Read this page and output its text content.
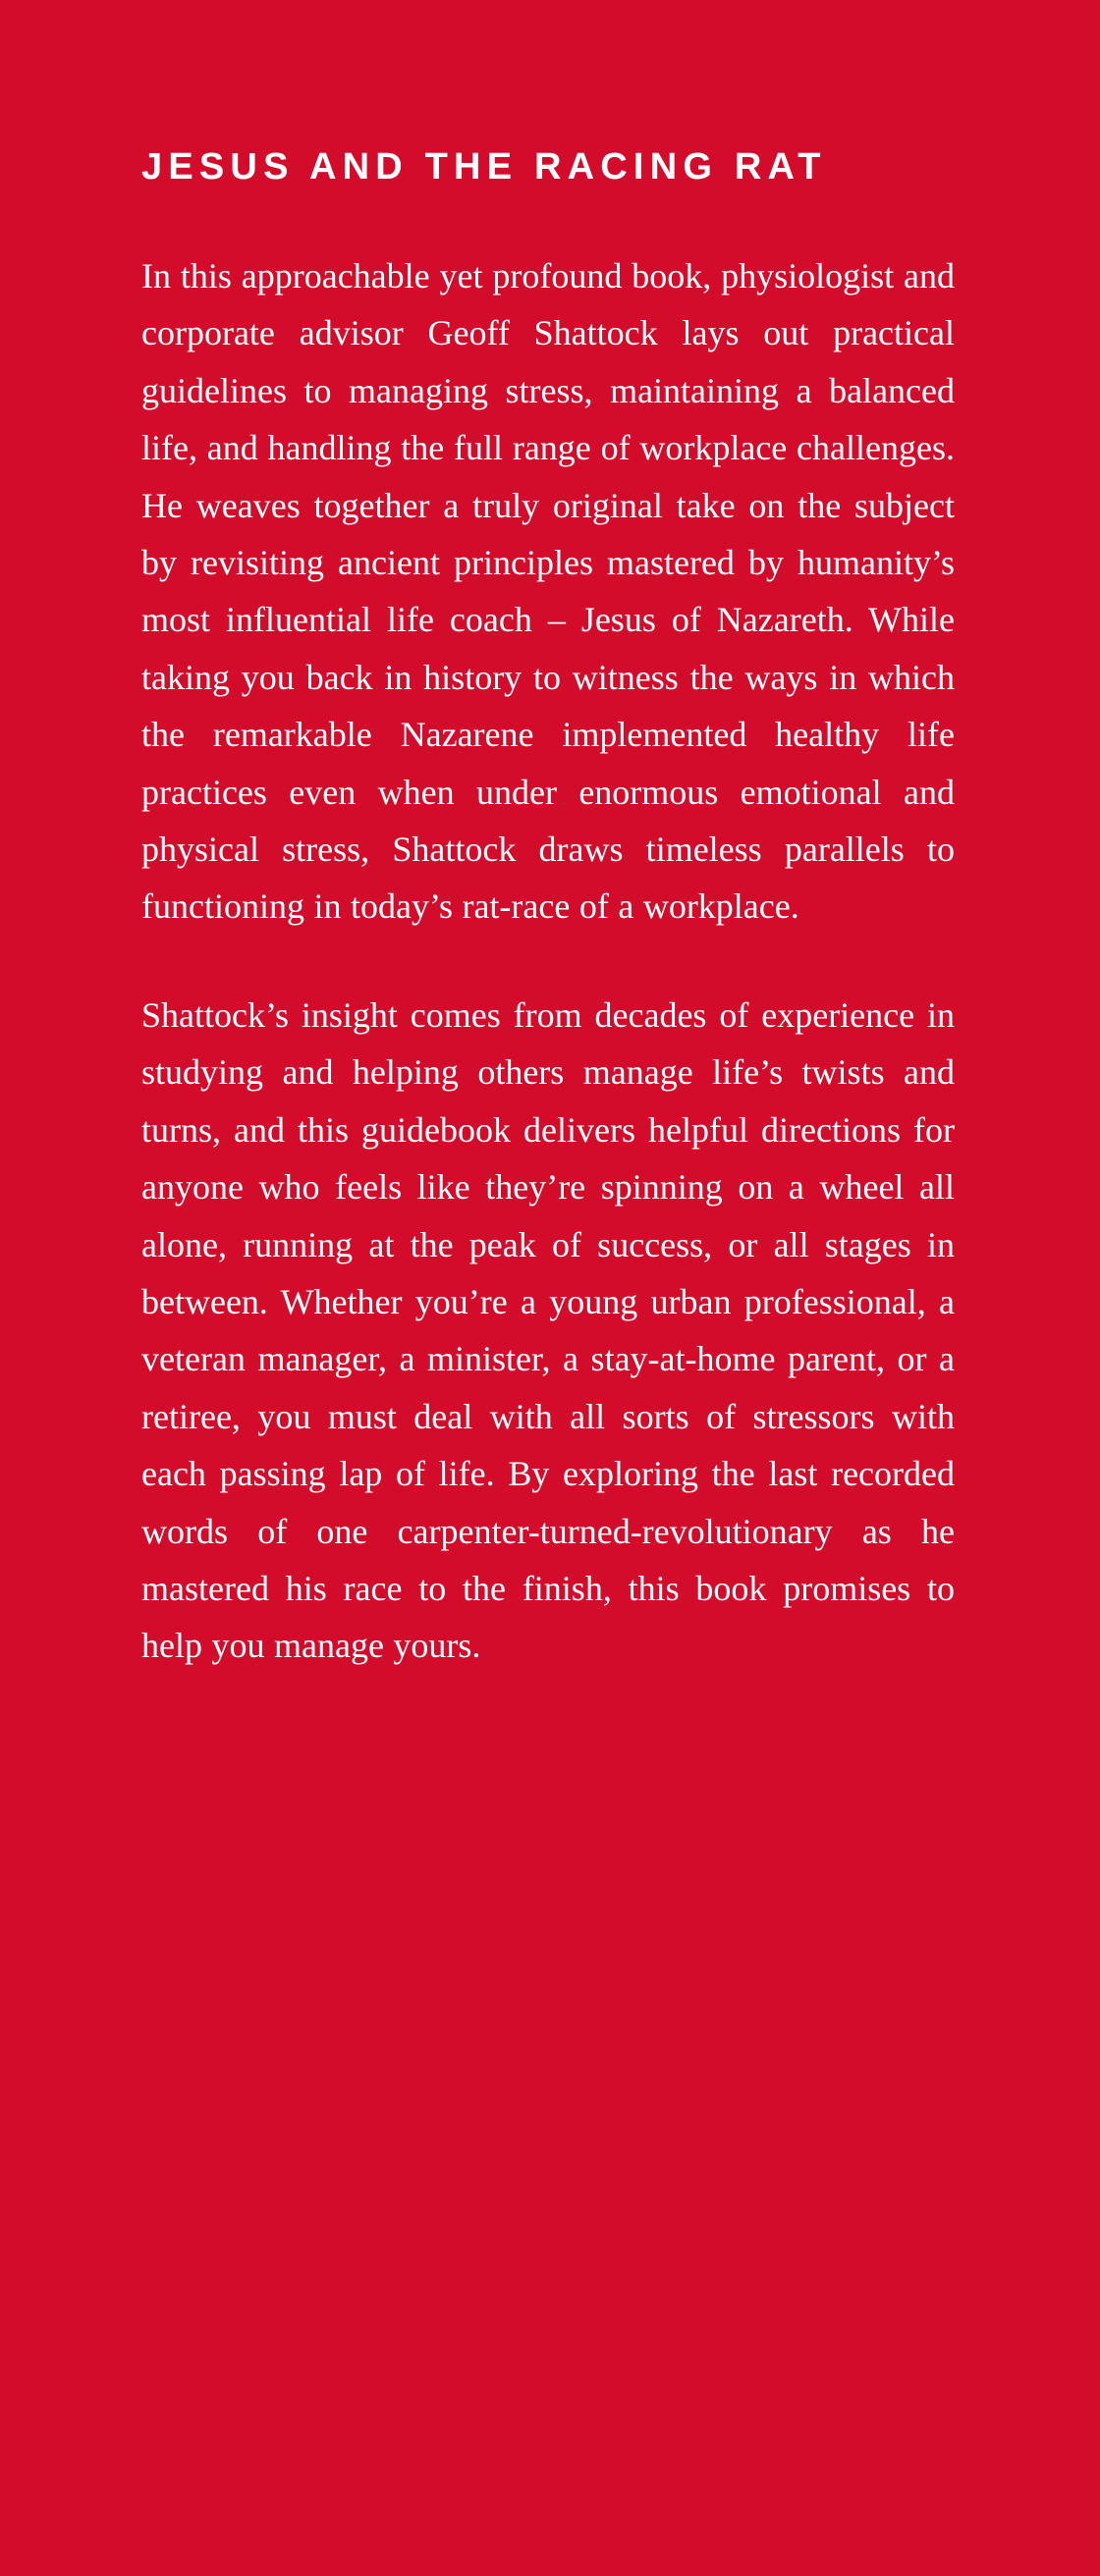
JESUS AND THE RACING RAT

In this approachable yet profound book, physiologist and corporate advisor Geoff Shattock lays out practical guidelines to managing stress, maintaining a balanced life, and handling the full range of workplace challenges. He weaves together a truly original take on the subject by revisiting ancient principles mastered by humanity’s most influential life coach – Jesus of Nazareth. While taking you back in history to witness the ways in which the remarkable Nazarene implemented healthy life practices even when under enormous emotional and physical stress, Shattock draws timeless parallels to functioning in today’s rat-race of a workplace.

Shattock’s insight comes from decades of experience in studying and helping others manage life’s twists and turns, and this guidebook delivers helpful directions for anyone who feels like they’re spinning on a wheel all alone, running at the peak of success, or all stages in between. Whether you’re a young urban professional, a veteran manager, a minister, a stay-at-home parent, or a retiree, you must deal with all sorts of stressors with each passing lap of life. By exploring the last recorded words of one carpenter-turned-revolutionary as he mastered his race to the finish, this book promises to help you manage yours.
